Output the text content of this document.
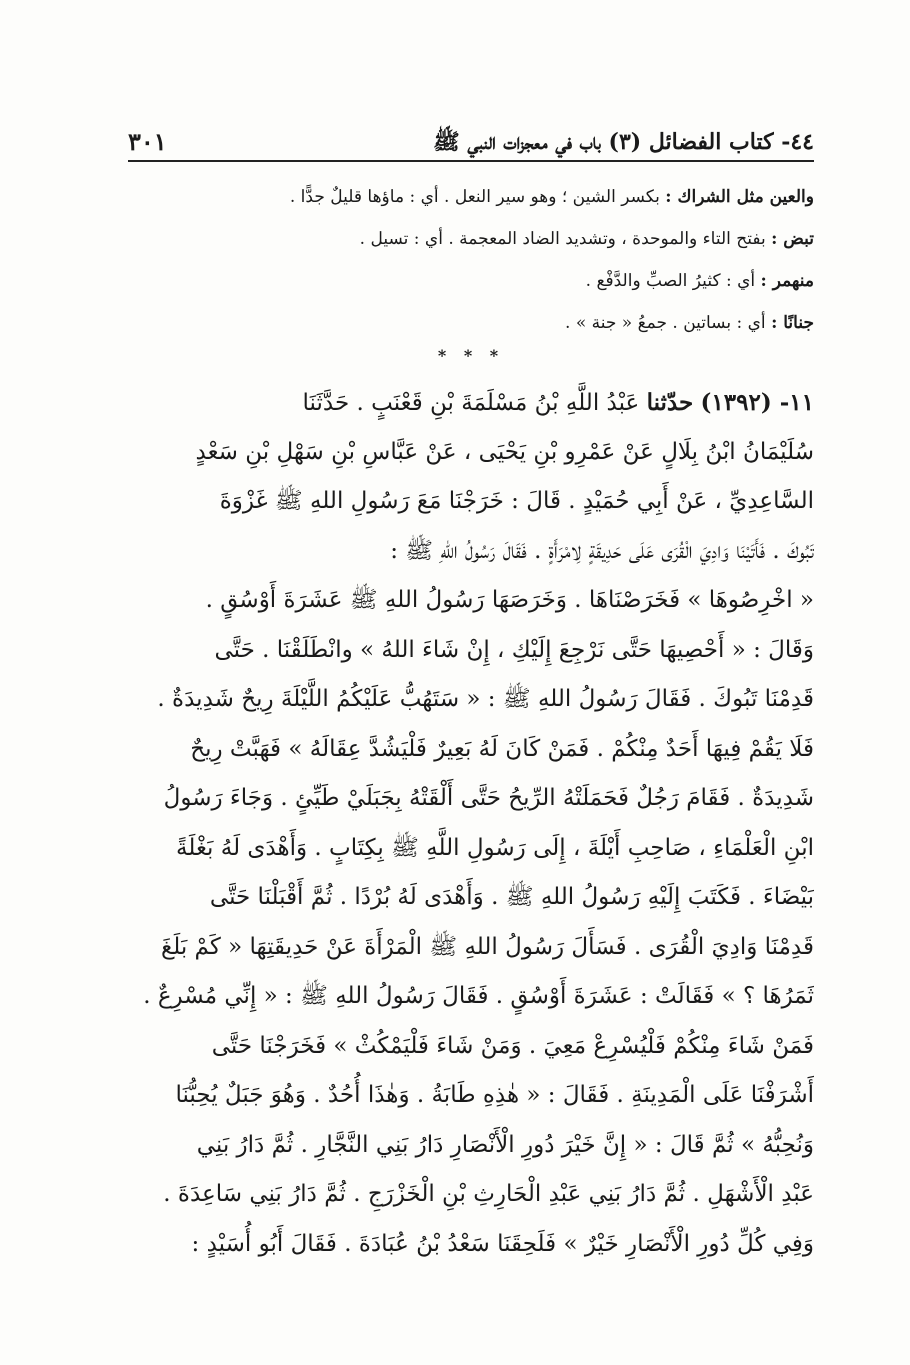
٤٤- كتاب الفضائل (٣) باب في معجزات النبي ﷺ
٣٠١
والعين مثل الشراك : بكسر الشين ؛ وهو سير النعل . أي : ماؤها قليلٌ جدًّا .
تبض : بفتح التاء والموحدة ، وتشديد الضاد المعجمة . أي : تسيل .
منهمر : أي : كثيرُ الصبِّ والدَّفْع .
جنانًا : أي : بساتين . جمعُ « جنة » .
* * *
١١- (١٣٩٢) حدّثنا عَبْدُ اللَّهِ بْنُ مَسْلَمَةَ بْنِ قَعْنَبٍ . حَدَّثَنَا
سُلَيْمَانُ ابْنُ بِلَالٍ عَنْ عَمْرِو بْنِ يَحْيَى ، عَنْ عَبَّاسِ بْنِ سَهْلِ بْنِ سَعْدٍ
السَّاعِدِيِّ ، عَنْ أَبِي حُمَيْدٍ . قَالَ : خَرَجْنَا مَعَ رَسُولِ اللهِ ﷺ غَزْوَةَ
تَبُوكَ . فَأَتَيْنَا وَادِيَ الْقُرَى عَلَى حَدِيقَةٍ لِامْرَأَةٍ . فَقَالَ رَسُولُ اللهِ ﷺ :
« اخْرِصُوهَا » فَخَرَصْنَاهَا . وَخَرَصَهَا رَسُولُ اللهِ ﷺ عَشَرَةَ أَوْسُقٍ .
وَقَالَ : « أَحْصِيهَا حَتَّى نَرْجِعَ إِلَيْكِ ، إِنْ شَاءَ اللهُ » وانْطَلَقْنَا . حَتَّى
قَدِمْنَا تَبُوكَ . فَقَالَ رَسُولُ اللهِ ﷺ : « سَتَهُبُّ عَلَيْكُمُ اللَّيْلَةَ رِيحٌ شَدِيدَةٌ .
فَلَا يَقُمْ فِيهَا أَحَدٌ مِنْكُمْ . فَمَنْ كَانَ لَهُ بَعِيرٌ فَلْيَشُدَّ عِقَالَهُ » فَهَبَّتْ رِيحٌ
شَدِيدَةٌ . فَقَامَ رَجُلٌ فَحَمَلَتْهُ الرِّيحُ حَتَّى أَلْقَتْهُ بِجَبَلَيْ طَيِّئٍ . وَجَاءَ رَسُولُ
ابْنِ الْعَلْمَاءِ ، صَاحِبِ أَيْلَةَ ، إِلَى رَسُولِ اللَّهِ ﷺ بِكِتَابٍ . وَأَهْدَى لَهُ بَغْلَةً
بَيْضَاءَ . فَكَتَبَ إِلَيْهِ رَسُولُ اللهِ ﷺ . وَأَهْدَى لَهُ بُرْدًا . ثُمَّ أَقْبَلْنَا حَتَّى
قَدِمْنَا وَادِيَ الْقُرَى . فَسَأَلَ رَسُولُ اللهِ ﷺ الْمَرْأَةَ عَنْ حَدِيقَتِهَا « كَمْ بَلَغَ
ثَمَرُهَا ؟ » فَقَالَتْ : عَشَرَةَ أَوْسُقٍ . فَقَالَ رَسُولُ اللهِ ﷺ : « إِنِّي مُسْرِعٌ .
فَمَنْ شَاءَ مِنْكُمْ فَلْيُسْرِعْ مَعِيَ . وَمَنْ شَاءَ فَلْيَمْكُثْ » فَخَرَجْنَا حَتَّى
أَشْرَفْنَا عَلَى الْمَدِينَةِ . فَقَالَ : « هٰذِهِ طَابَةُ . وَهٰذَا أُحُدٌ . وَهُوَ جَبَلٌ يُحِبُّنَا
وَنُحِبُّهُ » ثُمَّ قَالَ : « إِنَّ خَيْرَ دُورِ الْأَنْصَارِ دَارُ بَنِي النَّجَّارِ . ثُمَّ دَارُ بَنِي
عَبْدِ الْأَشْهَلِ . ثُمَّ دَارُ بَنِي عَبْدِ الْحَارِثِ بْنِ الْخَزْرَجِ . ثُمَّ دَارُ بَنِي سَاعِدَةَ .
وَفِي كُلِّ دُورِ الْأَنْصَارِ خَيْرٌ » فَلَحِقَنَا سَعْدُ بْنُ عُبَادَةَ . فَقَالَ أَبُو أُسَيْدٍ :
